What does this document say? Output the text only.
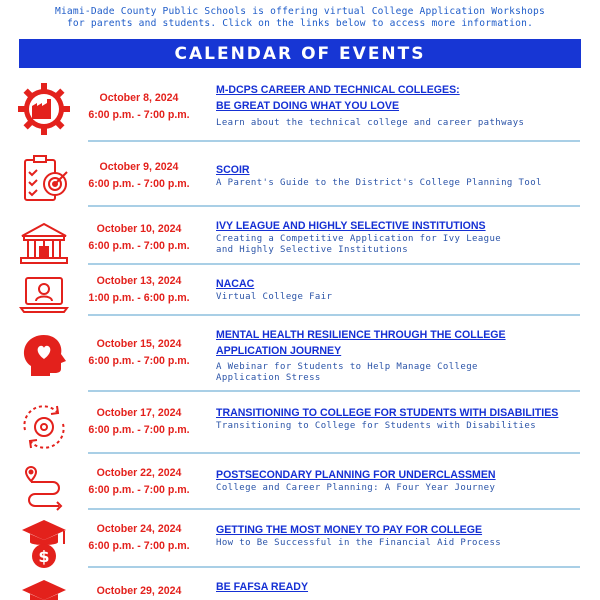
Miami-Dade County Public Schools is offering virtual College Application Workshops
for parents and students. Click on the links below to access more information.
CALENDAR OF EVENTS
October 8, 2024
6:00 p.m. - 7:00 p.m.
M-DCPS CAREER AND TECHNICAL COLLEGES:
BE GREAT DOING WHAT YOU LOVE
Learn about the technical college and career pathways
October 9, 2024
6:00 p.m. - 7:00 p.m.
SCOIR
A Parent's Guide to the District's College Planning Tool
October 10, 2024
6:00 p.m. - 7:00 p.m.
IVY LEAGUE AND HIGHLY SELECTIVE INSTITUTIONS
Creating a Competitive Application for Ivy League
and Highly Selective Institutions
October 13, 2024
1:00 p.m. - 6:00 p.m.
NACAC
Virtual College Fair
October 15, 2024
6:00 p.m. - 7:00 p.m.
MENTAL HEALTH RESILIENCE THROUGH THE COLLEGE
APPLICATION JOURNEY
A Webinar for Students to Help Manage College
Application Stress
October 17, 2024
6:00 p.m. - 7:00 p.m.
TRANSITIONING TO COLLEGE FOR STUDENTS WITH DISABILITIES
Transitioning to College for Students with Disabilities
October 22, 2024
6:00 p.m. - 7:00 p.m.
POSTSECONDARY PLANNING FOR UNDERCLASSMEN
College and Career Planning: A Four Year Journey
$
October 24, 2024
6:00 p.m. - 7:00 p.m.
GETTING THE MOST MONEY TO PAY FOR COLLEGE
How to Be Successful in the Financial Aid Process
October 29, 2024	BE FAFSA READY
